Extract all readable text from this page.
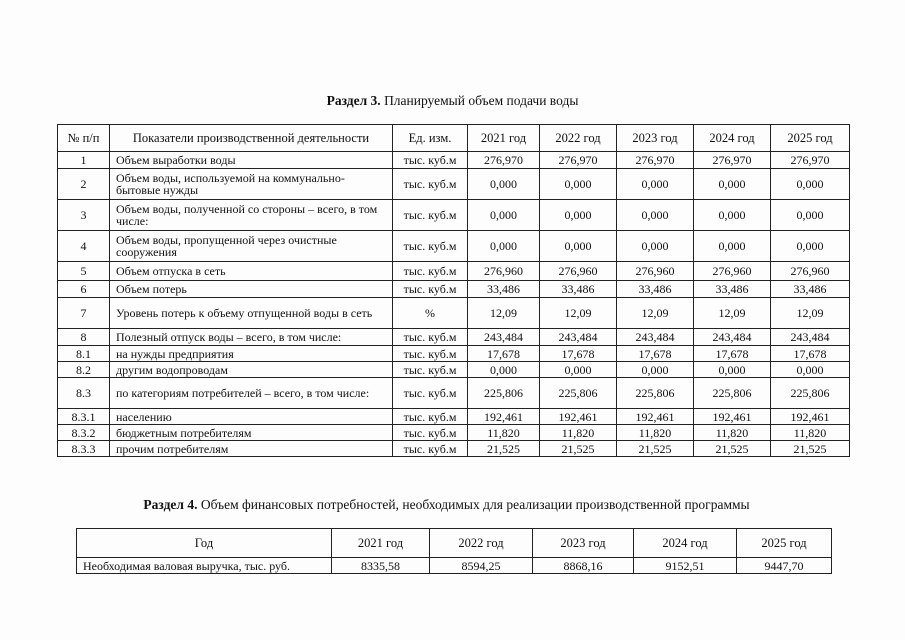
Раздел 3. Планируемый объем подачи воды
№ п/п	Показатели производственной деятельности	Ед. изм.	2021 год	2022 год	2023 год	2024 год	2025 год
1	Объем выработки воды	тыс. куб.м	276,970	276,970	276,970	276,970	276,970
2	Объем воды, используемой на коммунально-бытовые нужды	тыс. куб.м	0,000	0,000	0,000	0,000	0,000
3	Объем воды, полученной со стороны – всего, в том числе:	тыс. куб.м	0,000	0,000	0,000	0,000	0,000
4	Объем воды, пропущенной через очистные сооружения	тыс. куб.м	0,000	0,000	0,000	0,000	0,000
5	Объем отпуска в сеть	тыс. куб.м	276,960	276,960	276,960	276,960	276,960
6	Объем потерь	тыс. куб.м	33,486	33,486	33,486	33,486	33,486
7	Уровень потерь к объему отпущенной воды в сеть	%	12,09	12,09	12,09	12,09	12,09
8	Полезный отпуск воды – всего, в том числе:	тыс. куб.м	243,484	243,484	243,484	243,484	243,484
8.1	на нужды предприятия	тыс. куб.м	17,678	17,678	17,678	17,678	17,678
8.2	другим водопроводам	тыс. куб.м	0,000	0,000	0,000	0,000	0,000
8.3	по категориям потребителей – всего, в том числе:	тыс. куб.м	225,806	225,806	225,806	225,806	225,806
8.3.1	населению	тыс. куб.м	192,461	192,461	192,461	192,461	192,461
8.3.2	бюджетным потребителям	тыс. куб.м	11,820	11,820	11,820	11,820	11,820
8.3.3	прочим потребителям	тыс. куб.м	21,525	21,525	21,525	21,525	21,525
Раздел 4. Объем финансовых потребностей, необходимых для реализации производственной программы
Год	2021 год	2022 год	2023 год	2024 год	2025 год
Необходимая валовая выручка, тыс. руб.	8335,58	8594,25	8868,16	9152,51	9447,70
